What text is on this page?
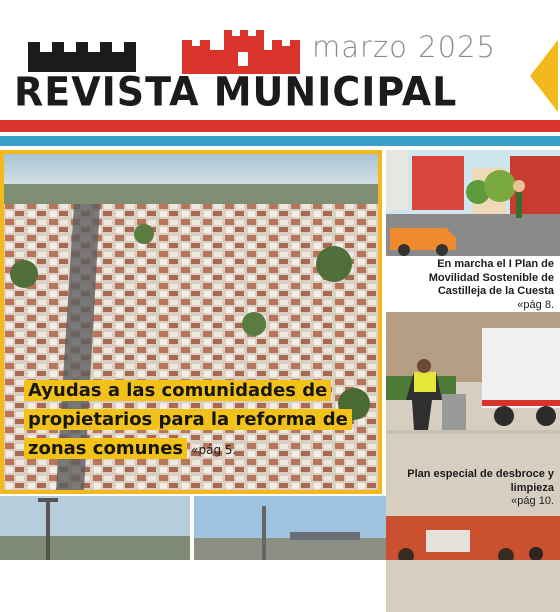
marzo 2025
REVISTA MUNICIPAL
Ayudas a las comunidades de propietarios para la reforma de zonas comunes «pág 5.
En marcha el I Plan de Movilidad Sostenible de Castilleja de la Cuesta
«pág 8.
Plan especial de desbroce y limpieza
«pág 10.
